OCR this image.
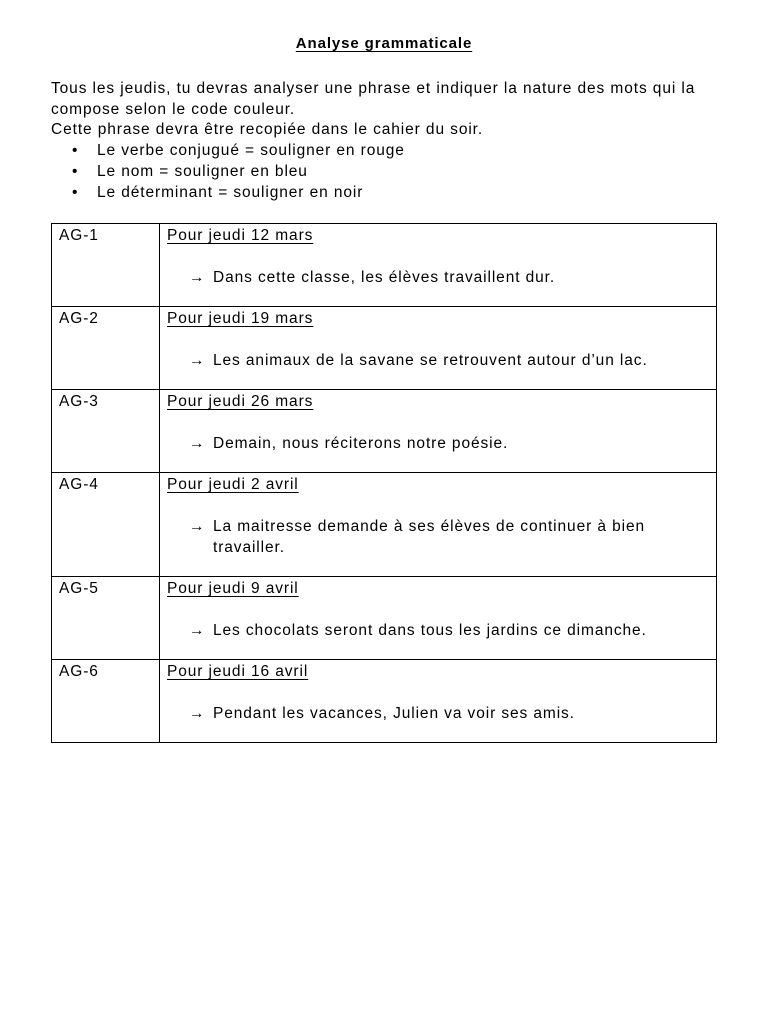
Analyse grammaticale

Tous les jeudis, tu devras analyser une phrase et indiquer la nature des mots qui la compose selon le code couleur.

Cette phrase devra être recopiée dans le cahier du soir.

• Le verbe conjugué = souligner en rouge
• Le nom = souligner en bleu
• Le déterminant = souligner en noir
AG-1	Pour jeudi 12 mars
→ Dans cette classe, les élèves travaillent dur.

AG-2	Pour jeudi 19 mars
→ Les animaux de la savane se retrouvent autour d’un lac.

AG-3	Pour jeudi 26 mars
→ Demain, nous réciterons notre poésie.

AG-4	Pour jeudi 2 avril
→ La maitresse demande à ses élèves de continuer à bien travailler.

AG-5	Pour jeudi 9 avril
→ Les chocolats seront dans tous les jardins ce dimanche.

AG-6	Pour jeudi 16 avril
→ Pendant les vacances, Julien va voir ses amis.
